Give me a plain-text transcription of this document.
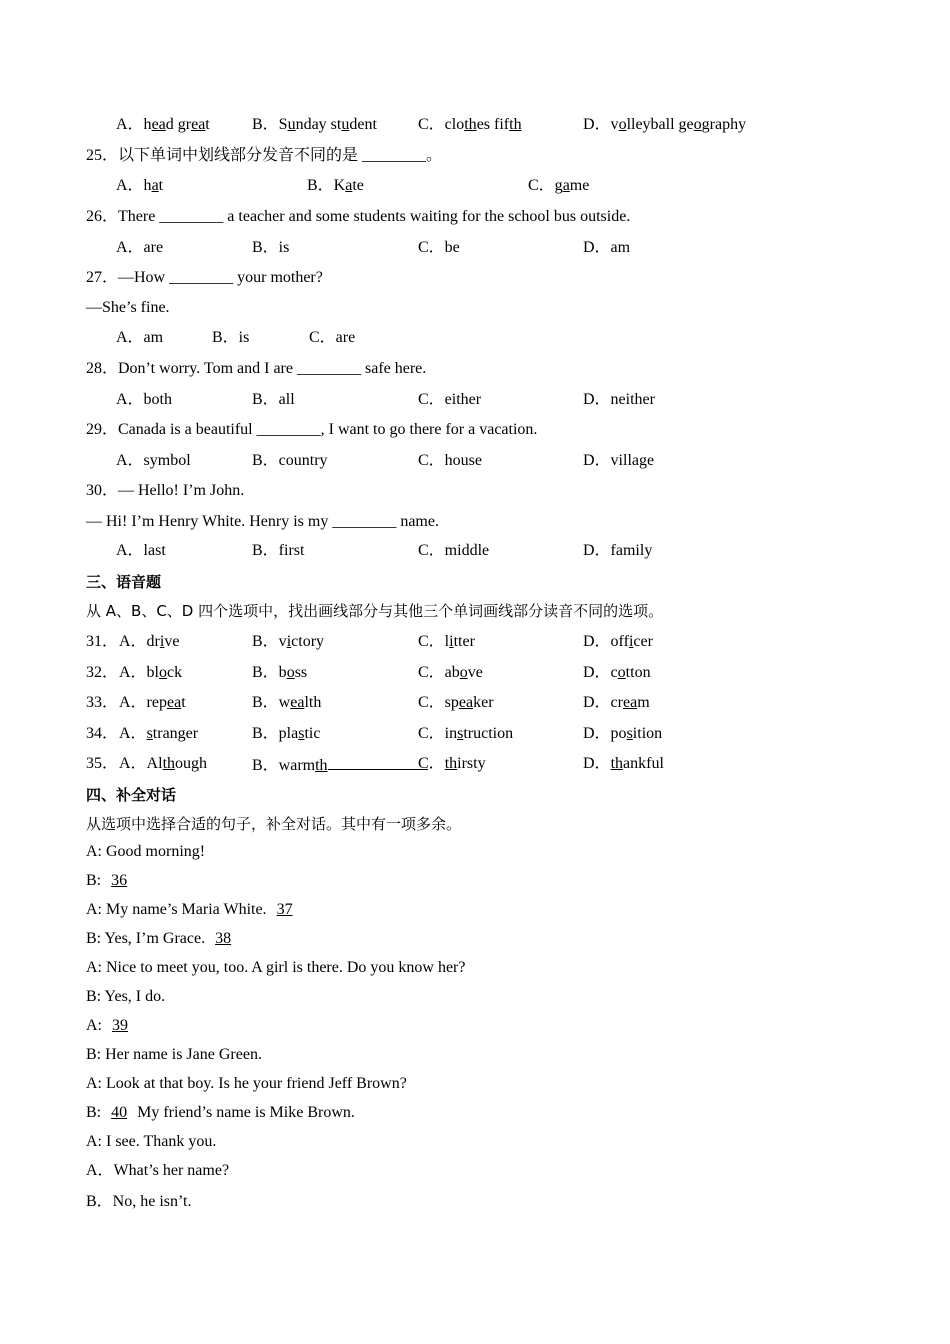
A．head great	B．Sunday student	C．clothes fifth	D．volleyball geography
25．以下单词中划线部分发音不同的是 ________。
A．hat	B．Kate	C．game
26．There ________ a teacher and some students waiting for the school bus outside.
A．are	B．is	C．be	D．am
27．—How ________ your mother?
—She’s fine.
A．am	B．is	C．are
28．Don’t worry. Tom and I are ________ safe here.
A．both	B．all	C．either	D．neither
29．Canada is a beautiful ________, I want to go there for a vacation.
A．symbol	B．country	C．house	D．village
30．— Hello! I’m John.
— Hi! I’m Henry White. Henry is my ________ name.
A．last	B．first	C．middle	D．family
三、语音题
从 A、B、C、D 四个选项中，找出画线部分与其他三个单词画线部分读音不同的选项。
31． A．drive	B．victory	C．litter	D．officer
32． A．block	B．boss	C．above	D．cotton
33． A．repeat	B．wealth	C．speaker	D．cream
34． A．stranger	B．plastic	C．instruction	D．position
35． A．Although	B．warmth	C．thirsty	D．thankful
四、补全对话
从选项中选择合适的句子，补全对话。其中有一项多余。
A: Good morning!
B: 36
A: My name’s Maria White. 37
B: Yes, I’m Grace. 38
A: Nice to meet you, too. A girl is there. Do you know her?
B: Yes, I do.
A: 39
B: Her name is Jane Green.
A: Look at that boy. Is he your friend Jeff Brown?
B: 40 My friend’s name is Mike Brown.
A: I see. Thank you.
A．What’s her name?
B．No, he isn’t.
